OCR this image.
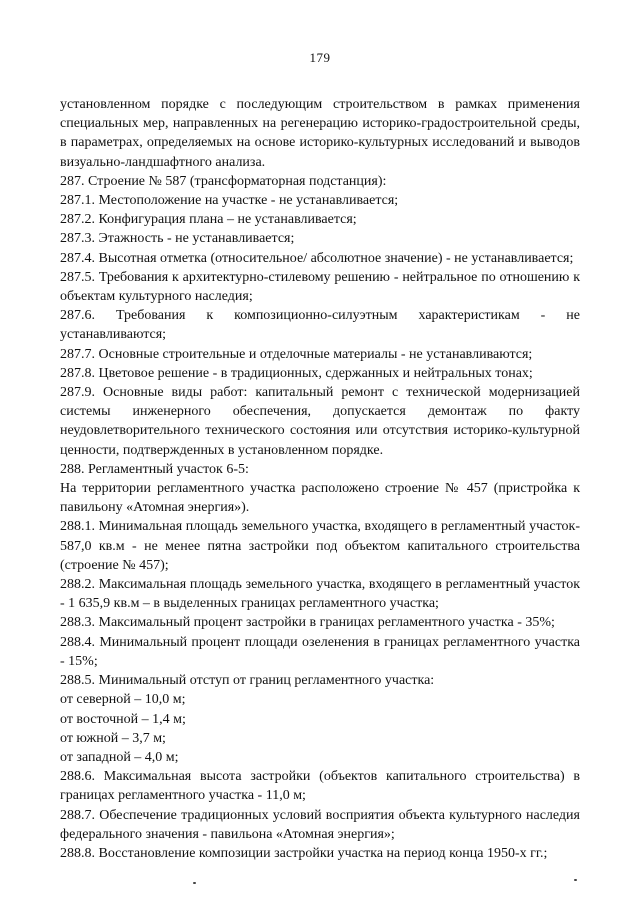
179

установленном порядке с последующим строительством в рамках применения специальных мер, направленных на регенерацию историко-градостроительной среды, в параметрах, определяемых на основе историко-культурных исследований и выводов визуально-ландшафтного анализа.

287. Строение № 587 (трансформаторная подстанция):

287.1. Местоположение на участке - не устанавливается;

287.2. Конфигурация плана – не устанавливается;

287.3. Этажность - не устанавливается;

287.4. Высотная отметка (относительное/ абсолютное значение) - не устанавливается;

287.5. Требования к архитектурно-стилевому решению - нейтральное по отношению к объектам культурного наследия;

287.6. Требования к композиционно-силуэтным характеристикам - не устанавливаются;

287.7. Основные строительные и отделочные материалы - не устанавливаются;

287.8. Цветовое решение - в традиционных, сдержанных и нейтральных тонах;

287.9. Основные виды работ: капитальный ремонт с технической модернизацией системы инженерного обеспечения, допускается демонтаж по факту неудовлетворительного технического состояния или отсутствия историко-культурной ценности, подтвержденных в установленном порядке.

288. Регламентный участок 6-5:

На территории регламентного участка расположено строение № 457 (пристройка к павильону «Атомная энергия»).

288.1. Минимальная площадь земельного участка, входящего в регламентный участок- 587,0 кв.м - не менее пятна застройки под объектом капитального строительства (строение № 457);

288.2. Максимальная площадь земельного участка, входящего в регламентный участок - 1 635,9 кв.м – в выделенных границах регламентного участка;

288.3. Максимальный процент застройки в границах регламентного участка - 35%;

288.4. Минимальный процент площади озеленения в границах регламентного участка - 15%;

288.5. Минимальный отступ от границ регламентного участка:

от северной – 10,0 м;

от восточной – 1,4 м;

от южной – 3,7 м;

от западной – 4,0 м;

288.6. Максимальная высота застройки (объектов капитального строительства) в границах регламентного участка - 11,0 м;

288.7. Обеспечение традиционных условий восприятия объекта культурного наследия федерального значения - павильона «Атомная энергия»;

288.8. Восстановление композиции застройки участка на период конца 1950-х гг.;
